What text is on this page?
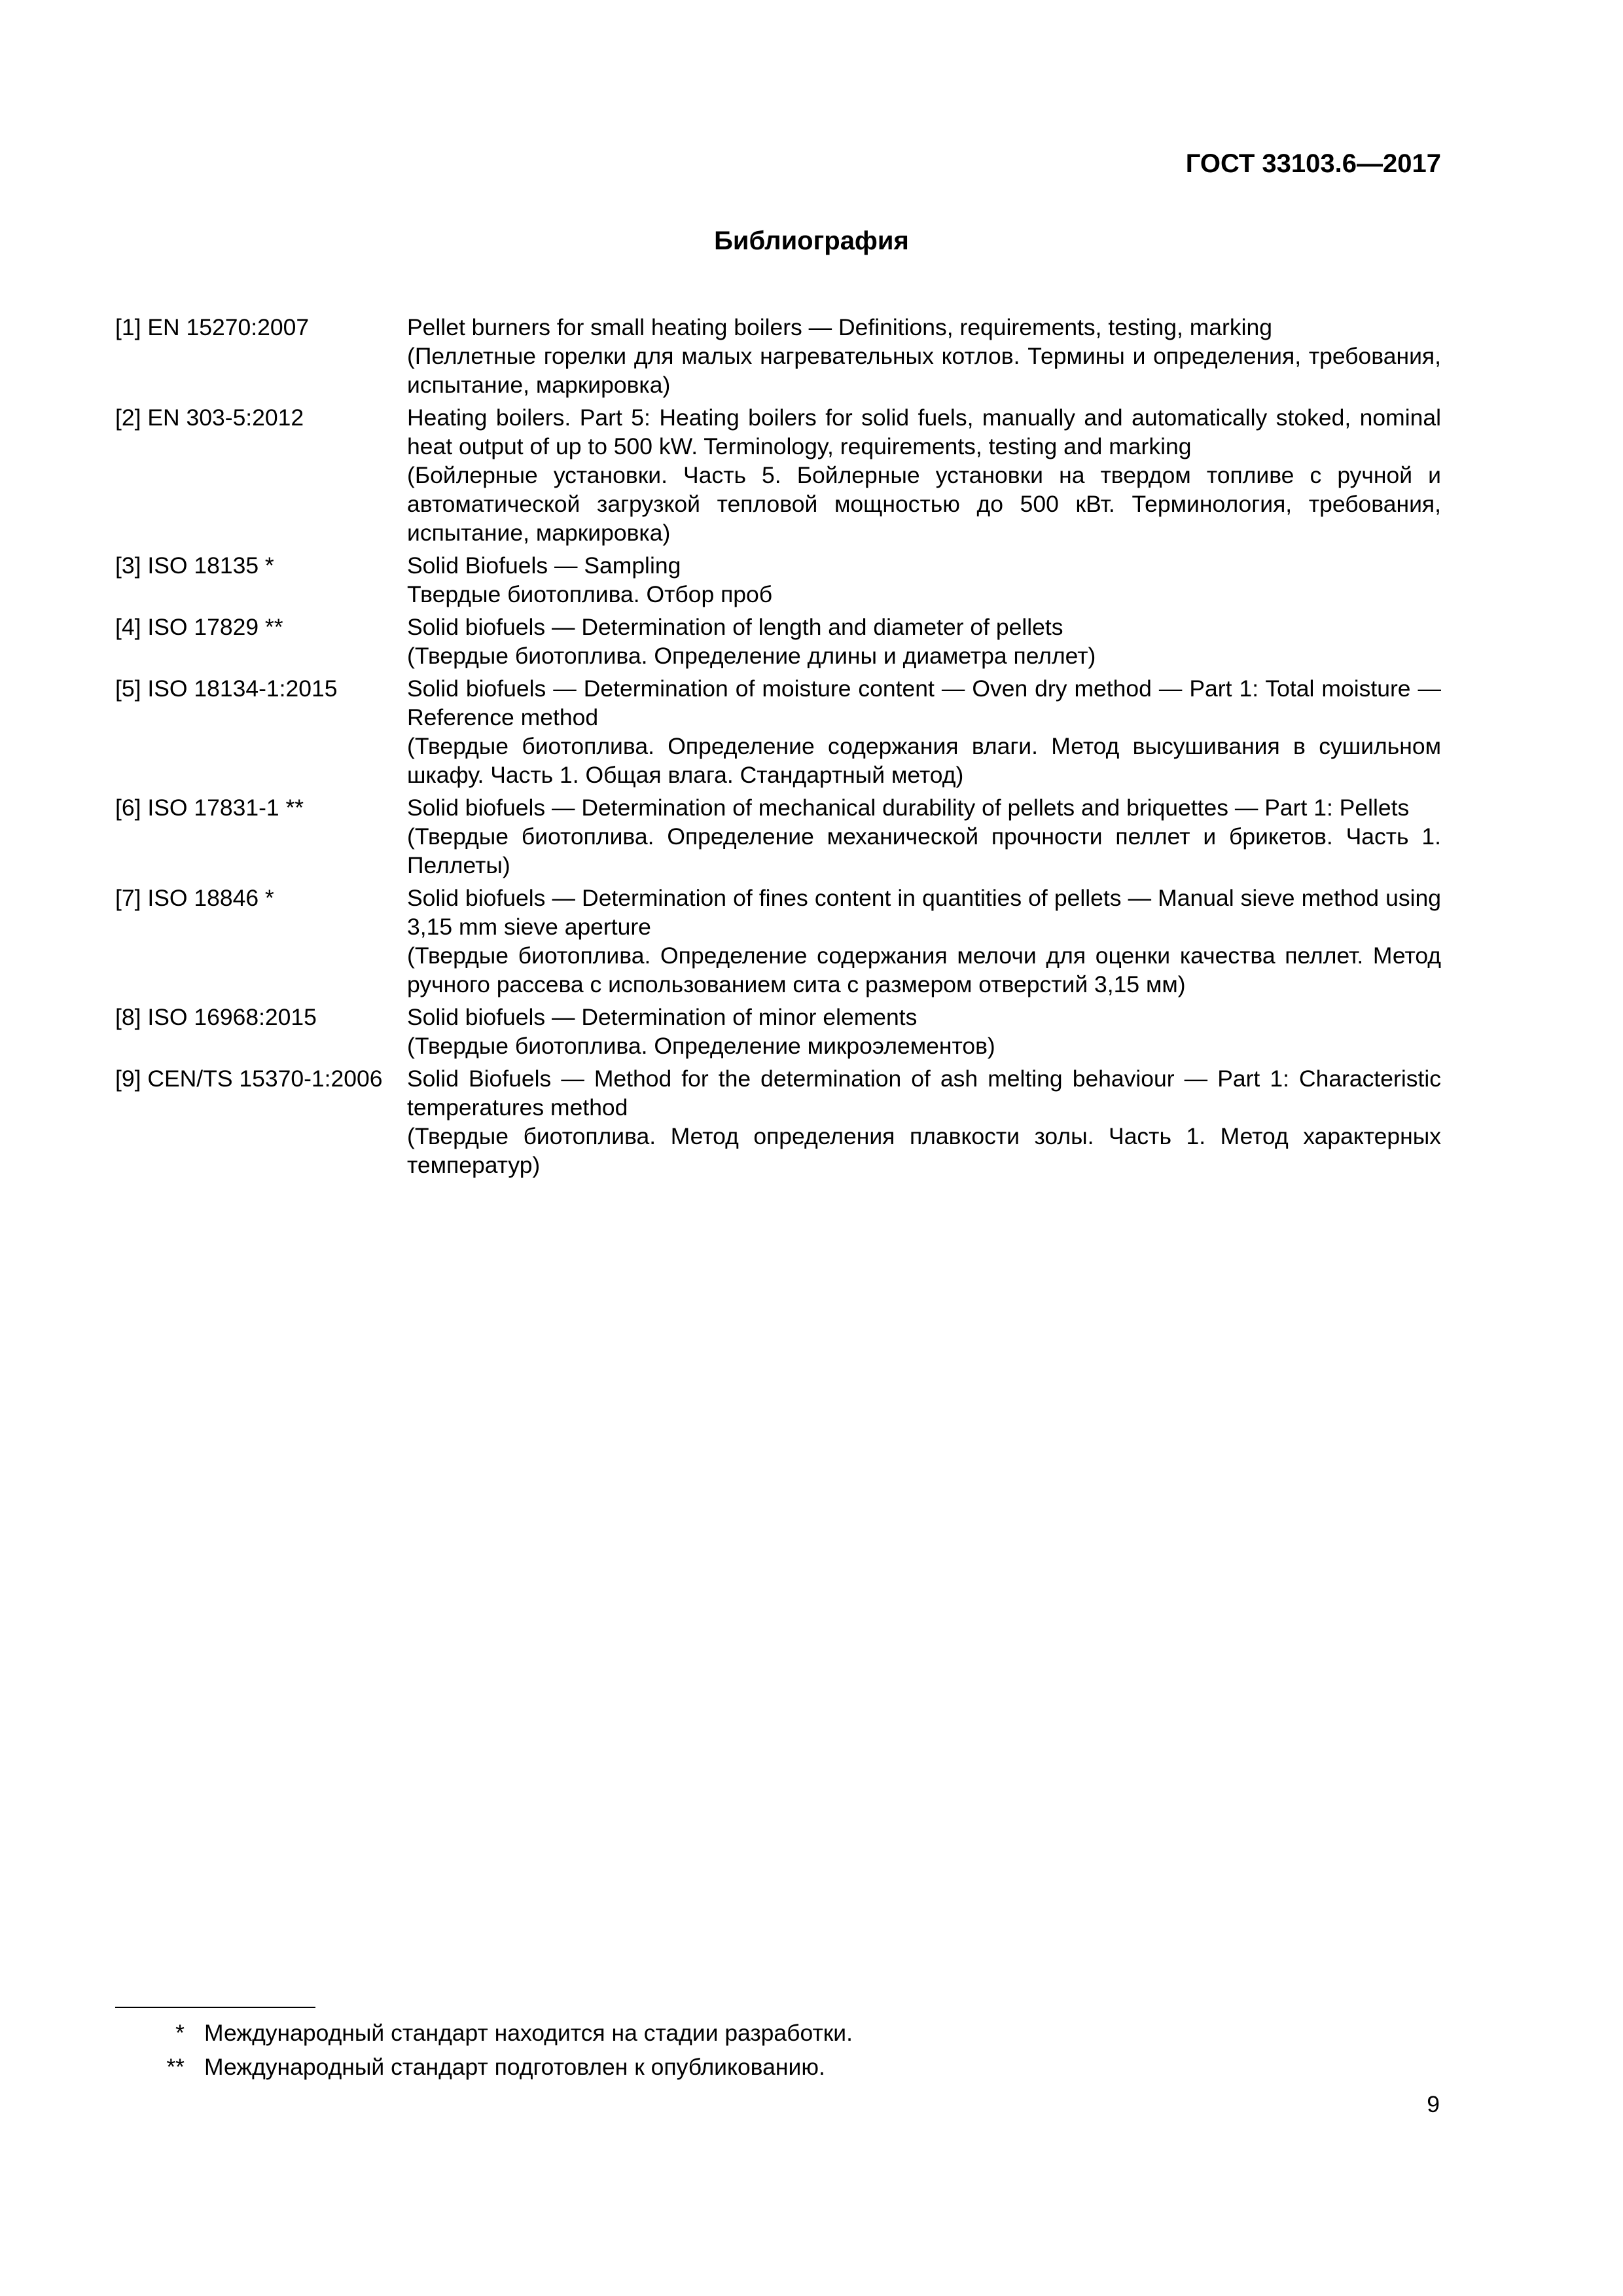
ГОСТ 33103.6—2017
Библиография
[1] EN 15270:2007	Pellet burners for small heating boilers — Definitions, requirements, testing, marking
(Пеллетные горелки для малых нагревательных котлов. Термины и определения, требования, испытание, маркировка)
[2] EN 303-5:2012	Heating boilers. Part 5: Heating boilers for solid fuels, manually and automatically stoked, nominal heat output of up to 500 kW. Terminology, requirements, testing and marking
(Бойлерные установки. Часть 5. Бойлерные установки на твердом топливе с ручной и автоматической загрузкой тепловой мощностью до 500 кВт. Терминология, требования, испытание, маркировка)
[3] ISO 18135 *	Solid Biofuels — Sampling
Твердые биотоплива. Отбор проб
[4] ISO 17829 **	Solid biofuels — Determination of length and diameter of pellets
(Твердые биотоплива. Определение длины и диаметра пеллет)
[5] ISO 18134-1:2015	Solid biofuels — Determination of moisture content — Oven dry method — Part 1: Total moisture — Reference method
(Твердые биотоплива. Определение содержания влаги. Метод высушивания в сушильном шкафу. Часть 1. Общая влага. Стандартный метод)
[6] ISO 17831-1 **	Solid biofuels — Determination of mechanical durability of pellets and briquettes — Part 1: Pellets
(Твердые биотоплива. Определение механической прочности пеллет и брикетов. Часть 1. Пеллеты)
[7] ISO 18846 *	Solid biofuels — Determination of fines content in quantities of pellets — Manual sieve method using 3,15 mm sieve aperture
(Твердые биотоплива. Определение содержания мелочи для оценки качества пеллет. Метод ручного рассева с использованием сита с размером отверстий 3,15 мм)
[8] ISO 16968:2015	Solid biofuels — Determination of minor elements
(Твердые биотоплива. Определение микроэлементов)
[9] CEN/TS 15370-1:2006	Solid Biofuels — Method for the determination of ash melting behaviour — Part 1: Characteristic temperatures method
(Твердые биотоплива. Метод определения плавкости золы. Часть 1. Метод характерных температур)
* Международный стандарт находится на стадии разработки.
** Международный стандарт подготовлен к опубликованию.
9
